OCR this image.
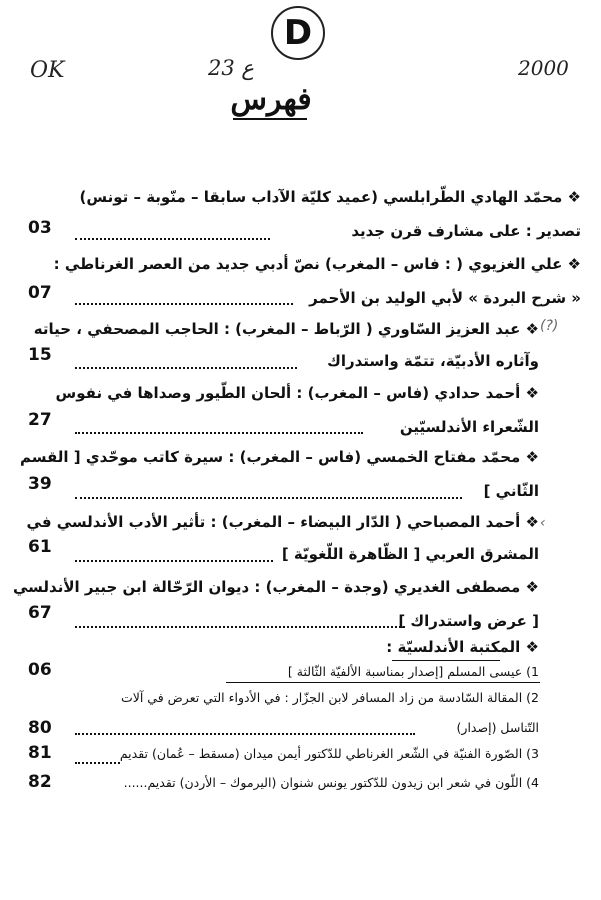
OK
D
23 ع	2000
فهرس
❖ محمّد الهادي الطّرابلسي (عميد كليّة الآداب سابقا – منّوبة – تونس)
تصدير : على مشارف قرن جديد
03
❖ علي الغزيوي ( : فاس – المغرب) نصّ أدبي جديد من العصر الغرناطي :
« شرح البردة » لأبي الوليد بن الأحمر
07
(?)
❖ عبد العزيز السّاوري ( الرّباط – المغرب) : الحاجب المصحفي ، حياته
وآثاره الأدبيّة، تتمّة واستدراك
15
❖ أحمد حدادي (فاس – المغرب) : ألحان الطّيور وصداها في نفوس
الشّعراء الأندلسيّين
27
❖ محمّد مفتاح الخمسي (فاس – المغرب) : سيرة كاتب موحّدي [ القسم
الثّاني ]
39
‹
❖ أحمد المصباحي ( الدّار البيضاء – المغرب) : تأثير الأدب الأندلسي في
المشرق العربي [ الظّاهرة اللّغويّة ]
61
❖ مصطفى الغديري (وجدة – المغرب) : ديوان الرّحّالة ابن جبير الأندلسي
[ عرض واستدراك ]
67
❖ المكتبة الأندلسيّة :
1) عيسى المسلم [إصدار بمناسبة الألفيّة الثّالثة ]
06
2) المقالة السّادسة من زاد المسافر لابن الجزّار : في الأدواء التي تعرض في آلات
التّناسل (إصدار)
80
3) الصّورة الفنيّة في الشّعر الغرناطي للدّكتور أيمن ميدان (مسقط – عُمان) تقديم
81
4) اللّون في شعر ابن زيدون للدّكتور يونس شنوان (اليرموك – الأردن) تقديم......
82
